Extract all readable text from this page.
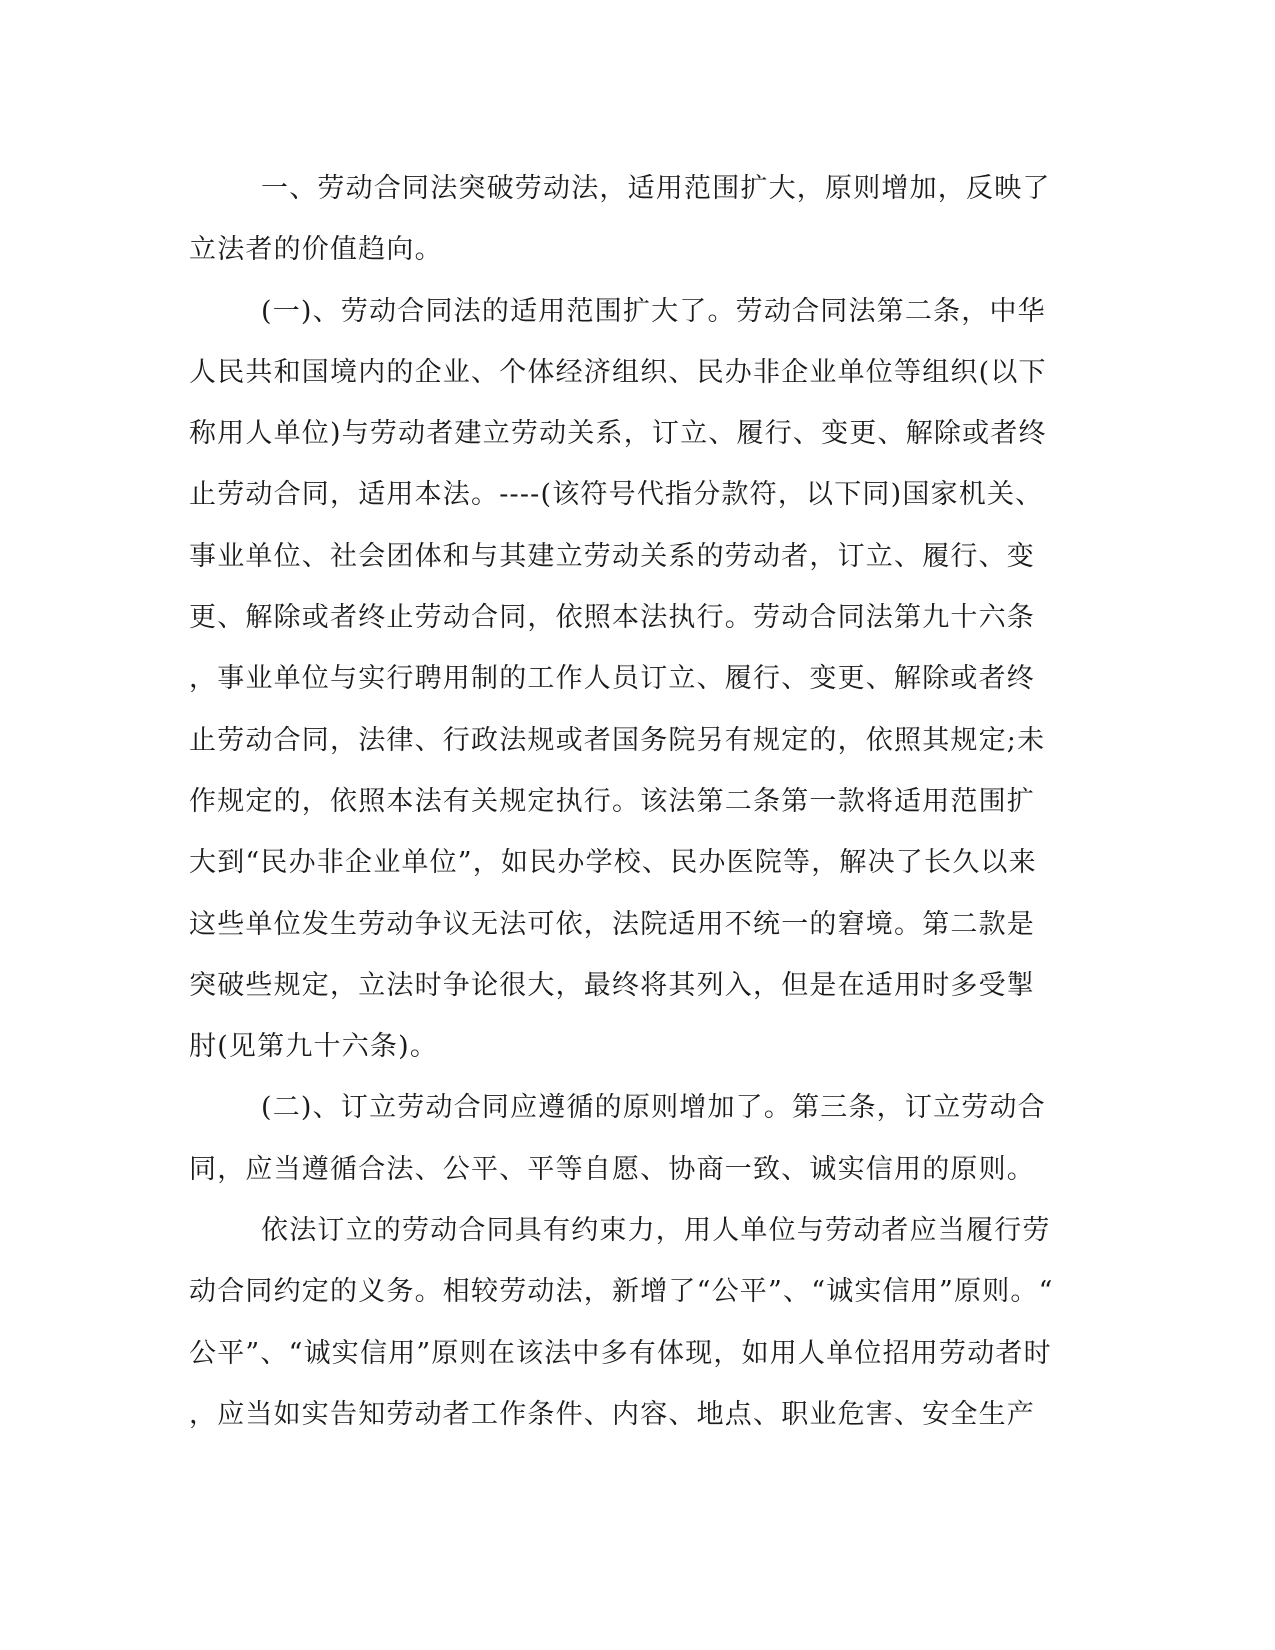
一、劳动合同法突破劳动法，适用范围扩大，原则增加，反映了
立法者的价值趋向。
(一)、劳动合同法的适用范围扩大了。劳动合同法第二条，中华
人民共和国境内的企业、个体经济组织、民办非企业单位等组织(以下
称用人单位)与劳动者建立劳动关系，订立、履行、变更、解除或者终
止劳动合同，适用本法。----(该符号代指分款符，以下同)国家机关、
事业单位、社会团体和与其建立劳动关系的劳动者，订立、履行、变
更、解除或者终止劳动合同，依照本法执行。劳动合同法第九十六条
，事业单位与实行聘用制的工作人员订立、履行、变更、解除或者终
止劳动合同，法律、行政法规或者国务院另有规定的，依照其规定;未
作规定的，依照本法有关规定执行。该法第二条第一款将适用范围扩
大到“民办非企业单位”，如民办学校、民办医院等，解决了长久以来
这些单位发生劳动争议无法可依，法院适用不统一的窘境。第二款是
突破些规定，立法时争论很大，最终将其列入，但是在适用时多受掣
肘(见第九十六条)。
(二)、订立劳动合同应遵循的原则增加了。第三条，订立劳动合
同，应当遵循合法、公平、平等自愿、协商一致、诚实信用的原则。
依法订立的劳动合同具有约束力，用人单位与劳动者应当履行劳
动合同约定的义务。相较劳动法，新增了“公平”、“诚实信用”原则。“
公平”、“诚实信用”原则在该法中多有体现，如用人单位招用劳动者时
，应当如实告知劳动者工作条件、内容、地点、职业危害、安全生产
